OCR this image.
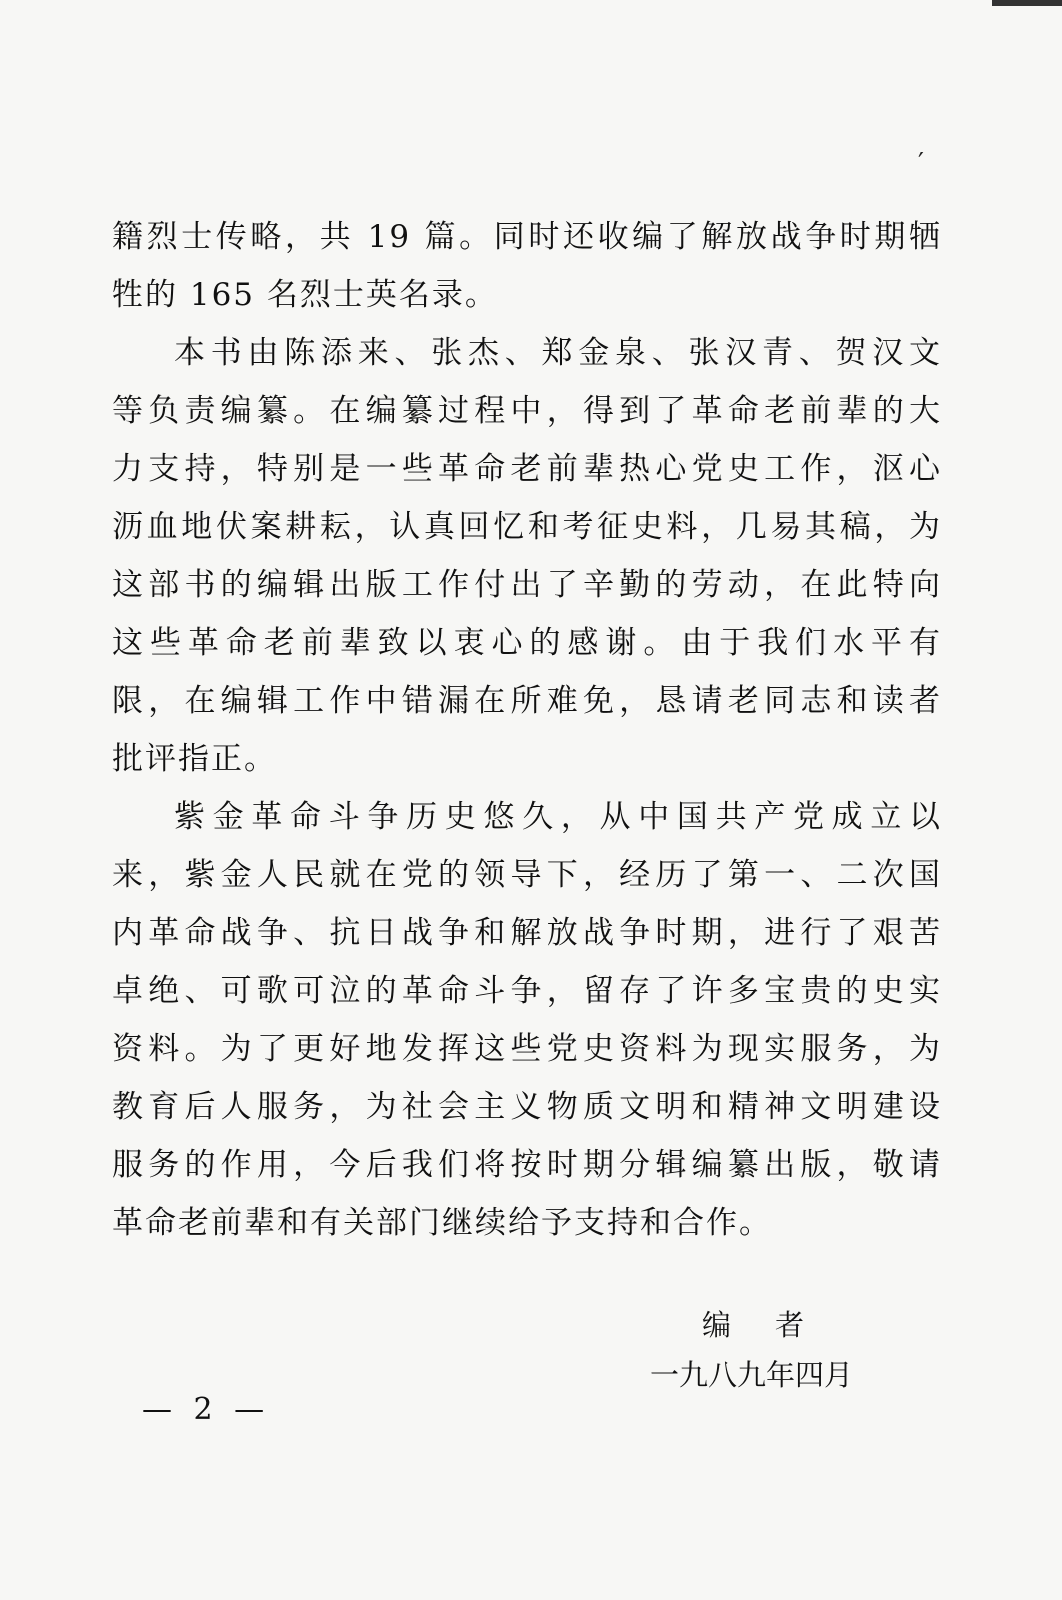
′
籍烈士传略，共 19 篇。同时还收编了解放战争时期牺
牲的 165 名烈士英名录。
本书由陈添来、张杰、郑金泉、张汉青、贺汉文
等负责编纂。在编纂过程中，得到了革命老前辈的大
力支持，特别是一些革命老前辈热心党史工作，沤心
沥血地伏案耕耘，认真回忆和考征史料，几易其稿，为
这部书的编辑出版工作付出了辛勤的劳动，在此特向
这些革命老前辈致以衷心的感谢。由于我们水平有
限，在编辑工作中错漏在所难免，恳请老同志和读者
批评指正。
紫金革命斗争历史悠久，从中国共产党成立以
来，紫金人民就在党的领导下，经历了第一、二次国
内革命战争、抗日战争和解放战争时期，进行了艰苦
卓绝、可歌可泣的革命斗争，留存了许多宝贵的史实
资料。为了更好地发挥这些党史资料为现实服务，为
教育后人服务，为社会主义物质文明和精神文明建设
服务的作用，今后我们将按时期分辑编纂出版，敬请
革命老前辈和有关部门继续给予支持和合作。
编者
一九八九年四月
— 2 —
